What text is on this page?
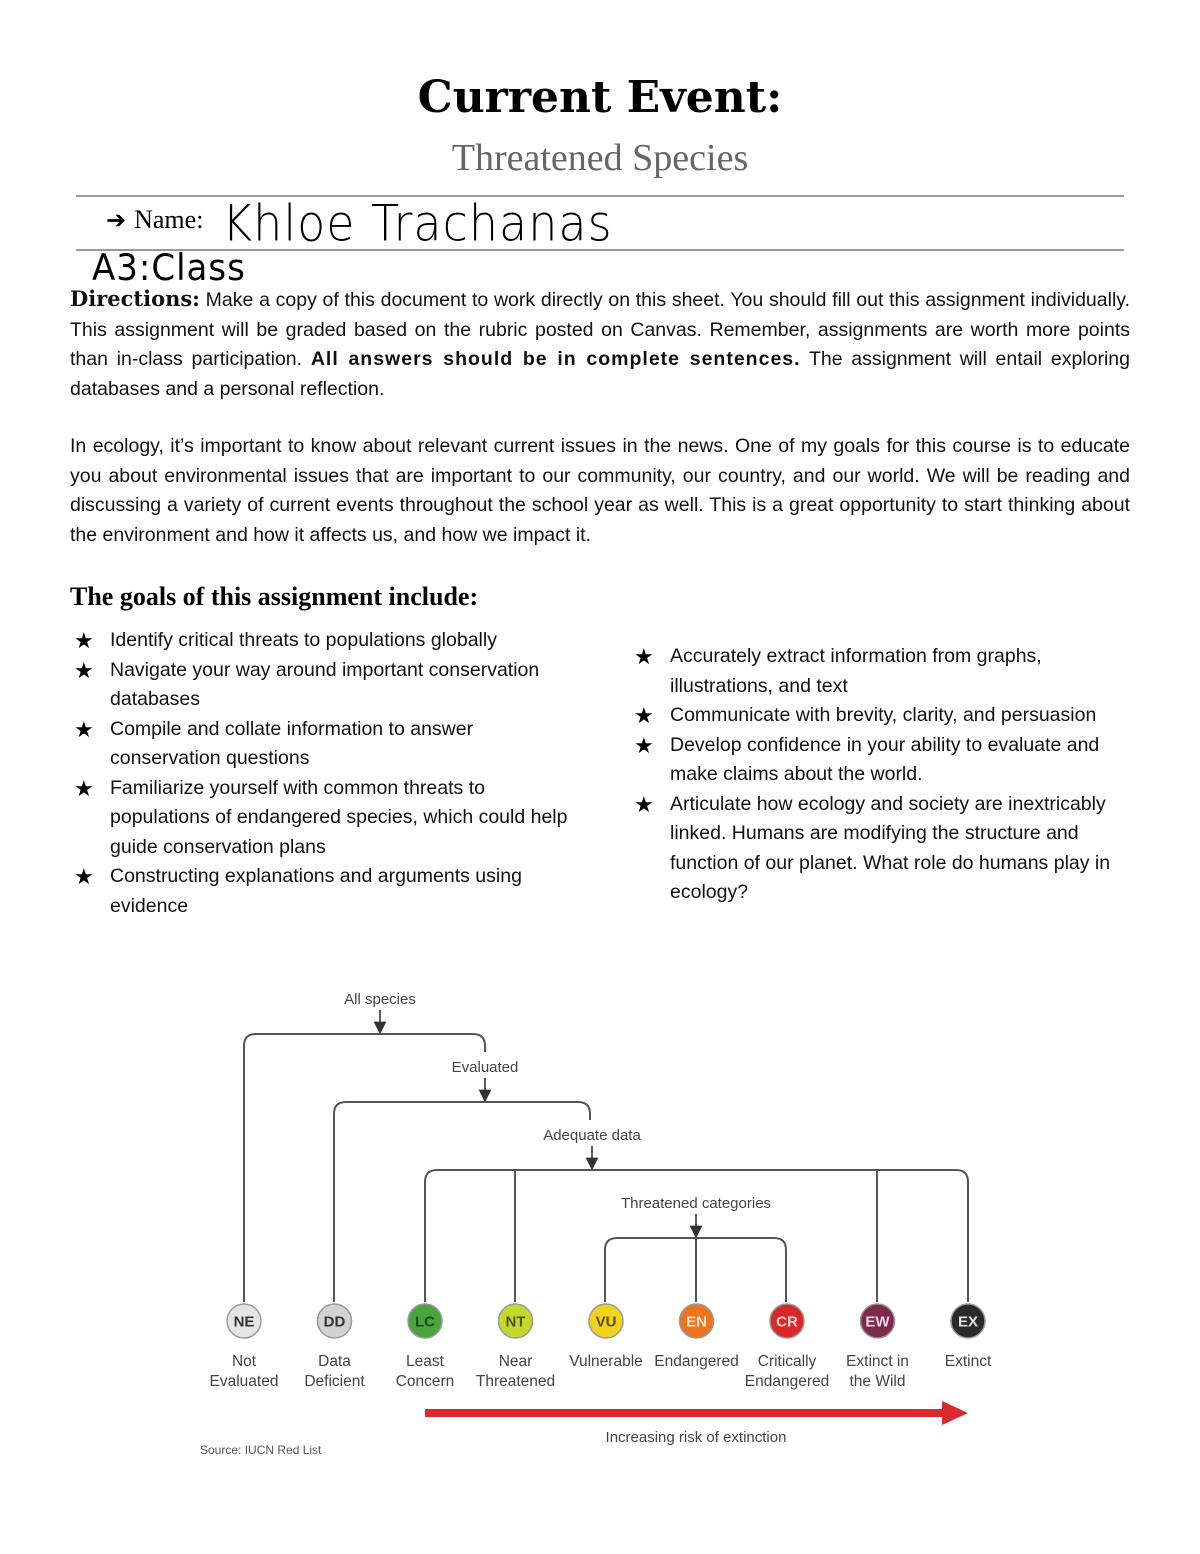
Current Event:
Threatened Species
➔ Name: Khloe Trachanas
A3:Class
Directions: Make a copy of this document to work directly on this sheet. You should fill out this assignment individually. This assignment will be graded based on the rubric posted on Canvas. Remember, assignments are worth more points than in-class participation. All answers should be in complete sentences. The assignment will entail exploring databases and a personal reflection.
In ecology, it’s important to know about relevant current issues in the news. One of my goals for this course is to educate you about environmental issues that are important to our community, our country, and our world. We will be reading and discussing a variety of current events throughout the school year as well. This is a great opportunity to start thinking about the environment and how it affects us, and how we impact it.
The goals of this assignment include:
★ Identify critical threats to populations globally
★ Navigate your way around important conservation databases
★ Compile and collate information to answer conservation questions
★ Familiarize yourself with common threats to populations of endangered species, which could help guide conservation plans
★ Constructing explanations and arguments using evidence
★ Accurately extract information from graphs, illustrations, and text
★ Communicate with brevity, clarity, and persuasion
★ Develop confidence in your ability to evaluate and make claims about the world.
★ Articulate how ecology and society are inextricably linked. Humans are modifying the structure and function of our planet. What role do humans play in ecology?
All species
Evaluated
Adequate data
Threatened categories
NE
Not
Evaluated
DD
Data
Deficient
LC
Least
Concern
NT
Near
Threatened
VU
Vulnerable
EN
Endangered
CR
Critically
Endangered
EW
Extinct in
the Wild
EX
Extinct
Increasing risk of extinction
Source: IUCN Red List
